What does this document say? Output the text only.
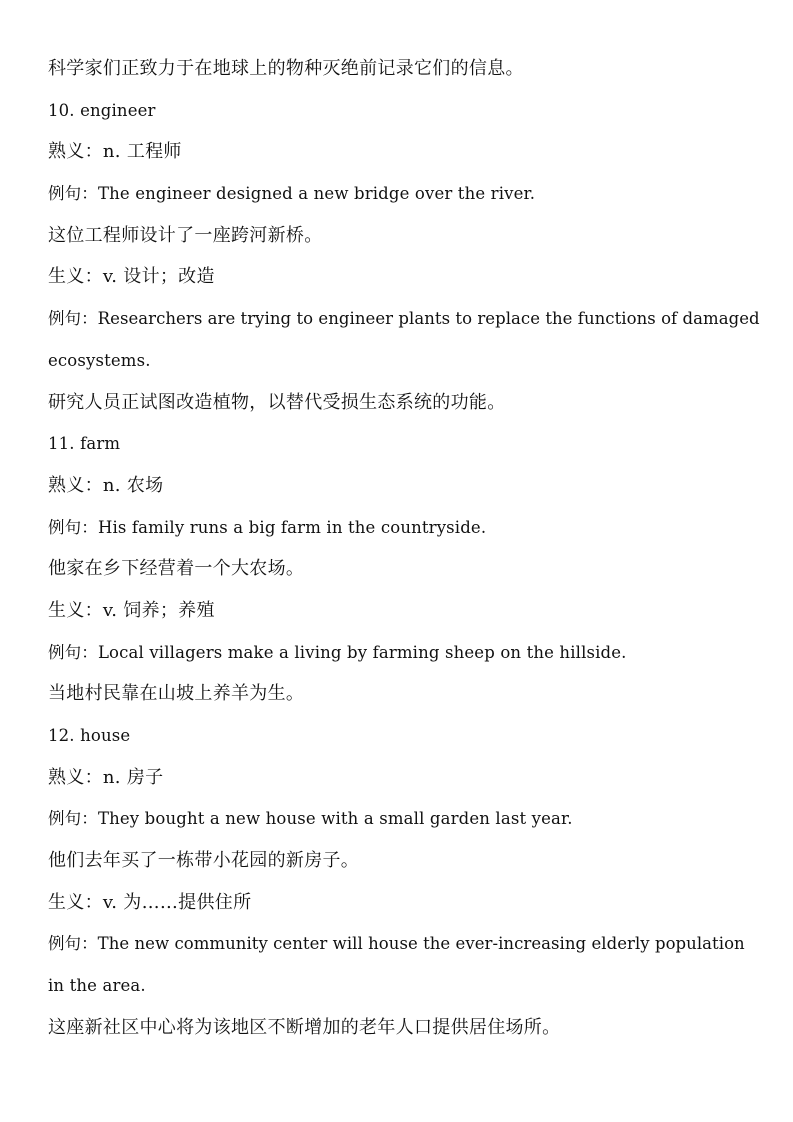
科学家们正致力于在地球上的物种灭绝前记录它们的信息。
10. engineer
熟义：n. 工程师
例句：The engineer designed a new bridge over the river.
这位工程师设计了一座跨河新桥。
生义：v. 设计；改造
例句：Researchers are trying to engineer plants to replace the functions of damaged
ecosystems.
研究人员正试图改造植物，以替代受损生态系统的功能。
11. farm
熟义：n. 农场
例句：His family runs a big farm in the countryside.
他家在乡下经营着一个大农场。
生义：v. 饲养；养殖
例句：Local villagers make a living by farming sheep on the hillside.
当地村民靠在山坡上养羊为生。
12. house
熟义：n. 房子
例句：They bought a new house with a small garden last year.
他们去年买了一栋带小花园的新房子。
生义：v. 为……提供住所
例句：The new community center will house the ever-increasing elderly population
in the area.
这座新社区中心将为该地区不断增加的老年人口提供居住场所。
